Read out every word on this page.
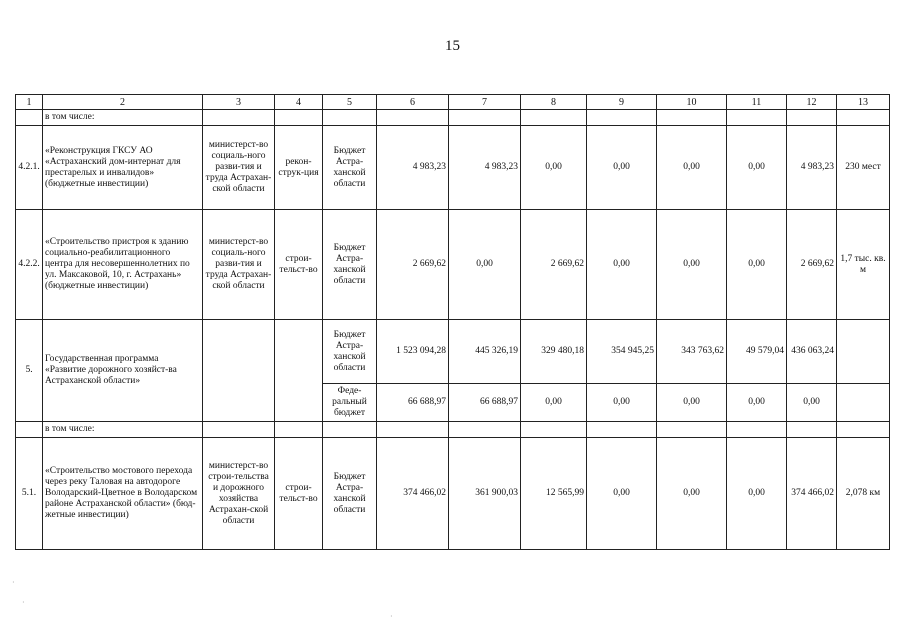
15
1	2	3	4	5	6	7	8	9	10	11	12	13
	в том числе:											
4.2.1.	«Реконструкция ГКСУ АО «Астраханский дом-интернат для престарелых и инвалидов» (бюджетные инвестиции)	министерст-во социаль-ного разви-тия и труда Астрахан-ской области	рекон-струк-ция	Бюджет Астра-ханской области	4 983,23	4 983,23	0,00	0,00	0,00	0,00	4 983,23	230 мест
4.2.2.	«Строительство пристроя к зданию социально-реабилитационного центра для несовершеннолетних по ул. Максаковой, 10, г. Астрахань» (бюджетные инвестиции)	министерст-во социаль-ного разви-тия и труда Астрахан-ской области	строи-тельст-во	Бюджет Астра-ханской области	2 669,62	0,00	2 669,62	0,00	0,00	0,00	2 669,62	1,7 тыс. кв. м
5.	Государственная программа «Развитие дорожного хозяйст-ва Астраханской области»			Бюджет Астра-ханской области	1 523 094,28	445 326,19	329 480,18	354 945,25	343 763,62	49 579,04	436 063,24	
				Феде-ральный бюджет	66 688,97	66 688,97	0,00	0,00	0,00	0,00	0,00	
	в том числе:											
5.1.	«Строительство мостового перехода через реку Таловая на автодороге Володарский-Цветное в Володарском районе Астраханской области» (бюд-жетные инвестиции)	министерст-во строи-тельства и дорожного хозяйства Астрахан-ской области	строи-тельст-во	Бюджет Астра-ханской области	374 466,02	361 900,03	12 565,99	0,00	0,00	0,00	374 466,02	2,078 км
·
·
·
